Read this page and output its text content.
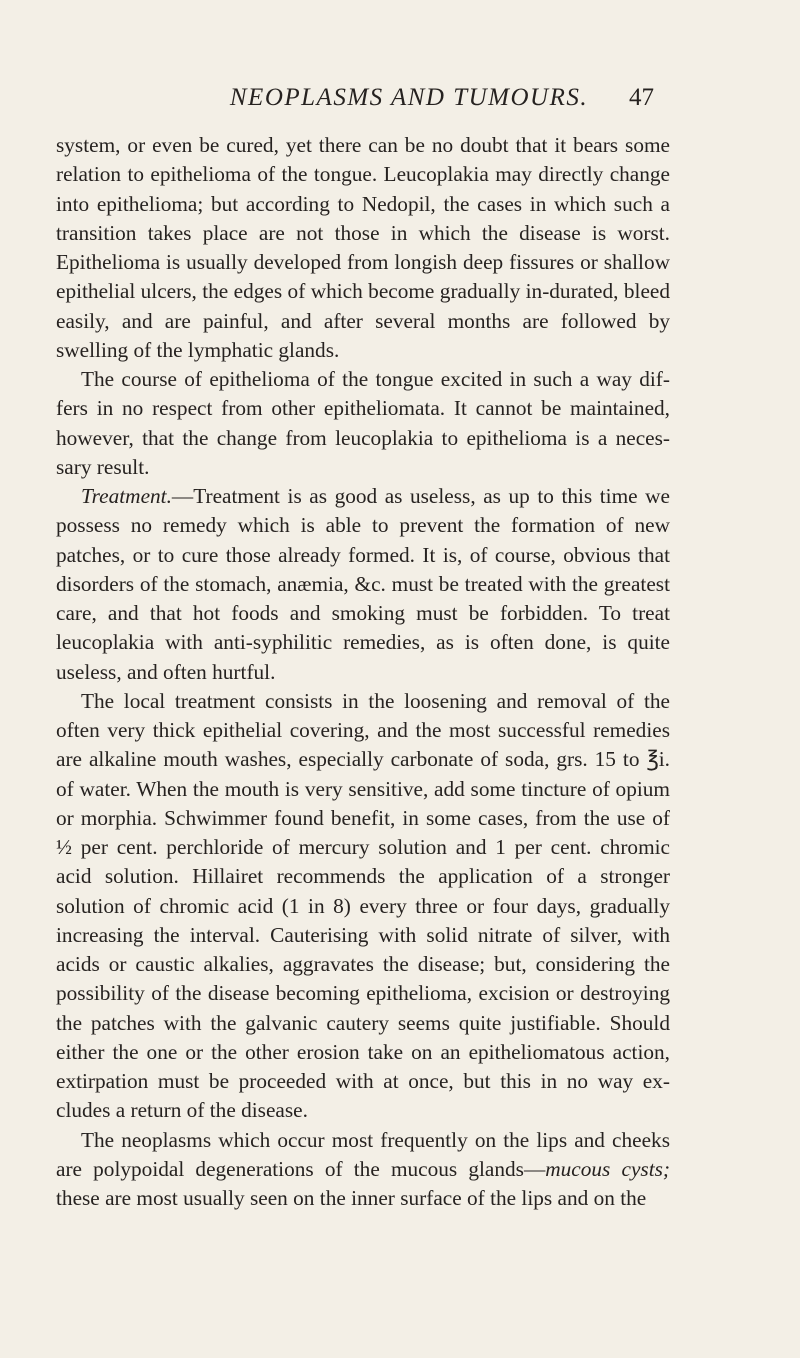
NEOPLASMS AND TUMOURS.	47

system, or even be cured, yet there can be no doubt that it bears some relation to epithelioma of the tongue. Leucoplakia may directly change into epithelioma; but according to Nedopil, the cases in which such a transition takes place are not those in which the disease is worst. Epithelioma is usually developed from longish deep fissures or shallow epithelial ulcers, the edges of which become gradually in-durated, bleed easily, and are painful, and after several months are followed by swelling of the lymphatic glands.

The course of epithelioma of the tongue excited in such a way dif-fers in no respect from other epitheliomata. It cannot be maintained, however, that the change from leucoplakia to epithelioma is a neces-sary result.

Treatment.—Treatment is as good as useless, as up to this time we possess no remedy which is able to prevent the formation of new patches, or to cure those already formed. It is, of course, obvious that disorders of the stomach, anæmia, &c. must be treated with the greatest care, and that hot foods and smoking must be forbidden. To treat leucoplakia with anti-syphilitic remedies, as is often done, is quite useless, and often hurtful.

The local treatment consists in the loosening and removal of the often very thick epithelial covering, and the most successful remedies are alkaline mouth washes, especially carbonate of soda, grs. 15 to ℥i. of water. When the mouth is very sensitive, add some tincture of opium or morphia. Schwimmer found benefit, in some cases, from the use of ½ per cent. perchloride of mercury solution and 1 per cent. chromic acid solution. Hillairet recommends the application of a stronger solution of chromic acid (1 in 8) every three or four days, gradually increasing the interval. Cauterising with solid nitrate of silver, with acids or caustic alkalies, aggravates the disease; but, considering the possibility of the disease becoming epithelioma, excision or destroying the patches with the galvanic cautery seems quite justifiable. Should either the one or the other erosion take on an epitheliomatous action, extirpation must be proceeded with at once, but this in no way ex-cludes a return of the disease.

The neoplasms which occur most frequently on the lips and cheeks are polypoidal degenerations of the mucous glands—mucous cysts; these are most usually seen on the inner surface of the lips and on the
